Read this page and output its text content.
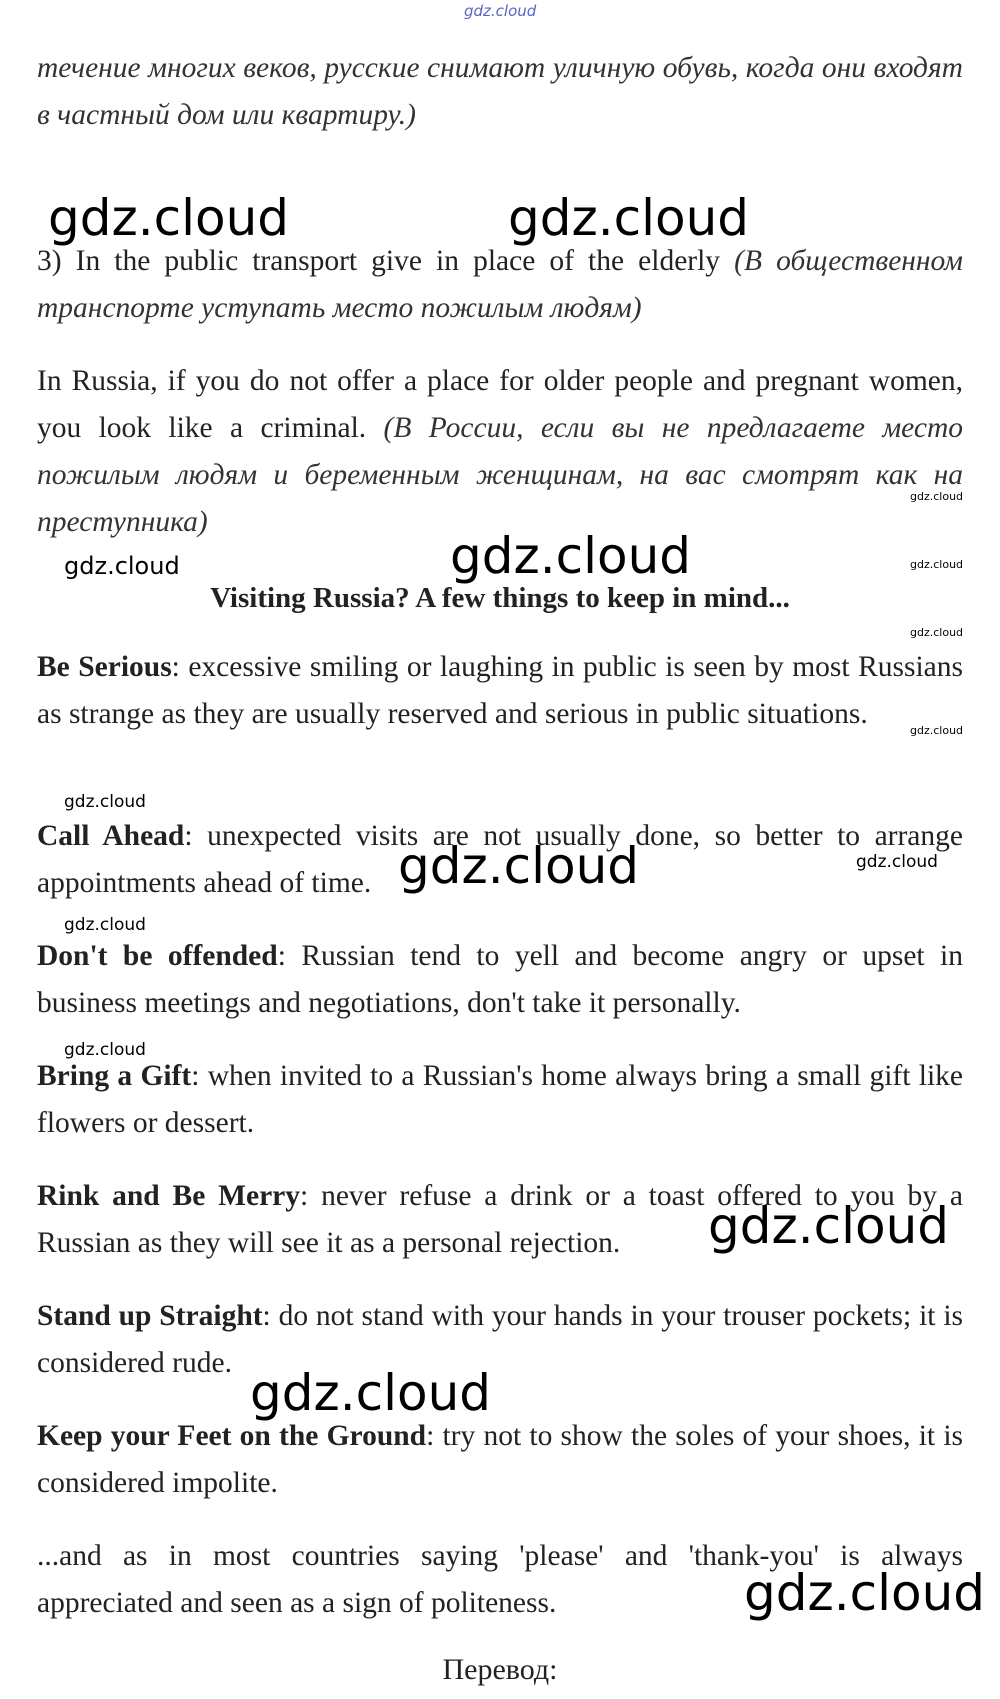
течение многих веков, русские снимают уличную обувь, когда они входят в частный дом или квартиру.)

3) In the public transport give in place of the elderly (В общественном транспорте уступать место пожилым людям)

In Russia, if you do not offer a place for older people and pregnant women, you look like a criminal. (В России, если вы не предлагаете место пожилым людям и беременным женщинам, на вас смотрят как на преступника)

Visiting Russia? A few things to keep in mind...

Be Serious: excessive smiling or laughing in public is seen by most Russians as strange as they are usually reserved and serious in public situations.

Call Ahead: unexpected visits are not usually done, so better to arrange appointments ahead of time.

Don't be offended: Russian tend to yell and become angry or upset in business meetings and negotiations, don't take it personally.

Bring a Gift: when invited to a Russian's home always bring a small gift like flowers or dessert.

Rink and Be Merry: never refuse a drink or a toast offered to you by a Russian as they will see it as a personal rejection.

Stand up Straight: do not stand with your hands in your trouser pockets; it is considered rude.

Keep your Feet on the Ground: try not to show the soles of your shoes, it is considered impolite.

...and as in most countries saying 'please' and 'thank-you' is always appreciated and seen as a sign of politeness.

Перевод:
gdz.cloud
gdz.cloud	gdz.cloud
gdz.cloud
gdz.cloud	gdz.cloud	gdz.cloud
gdz.cloud
gdz.cloud
gdz.cloud
gdz.cloud	gdz.cloud
gdz.cloud
gdz.cloud
gdz.cloud
gdz.cloud
gdz.cloud
